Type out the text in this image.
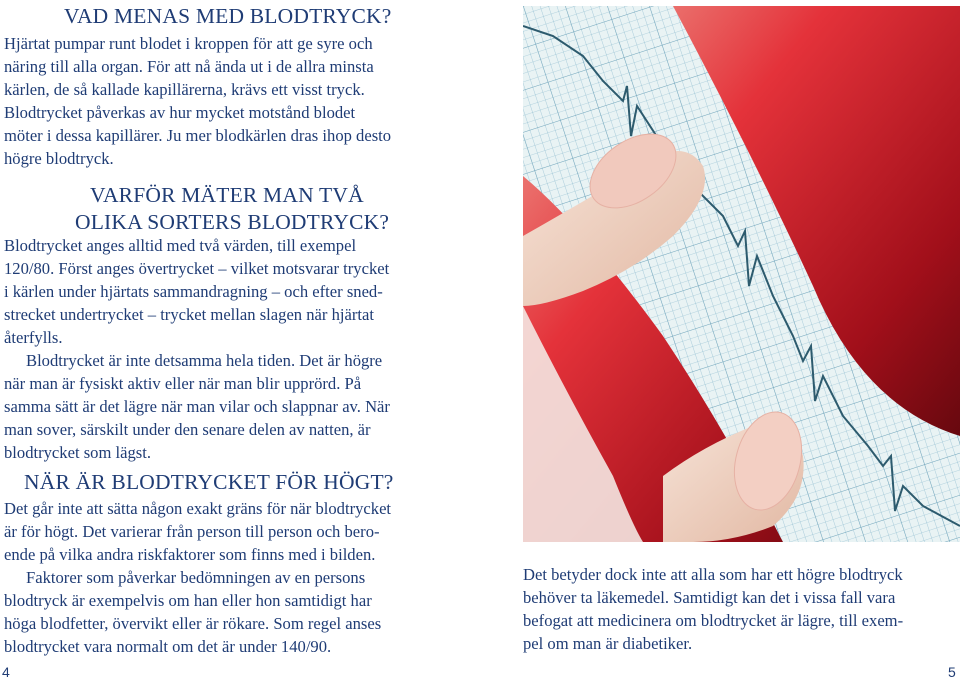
VAD MENAS MED BLODTRYCK?
Hjärtat pumpar runt blodet i kroppen för att ge syre och
näring till alla organ. För att nå ända ut i de allra minsta
kärlen, de så kallade kapillärerna, krävs ett visst tryck.
Blodtrycket påverkas av hur mycket motstånd blodet
möter i dessa kapillärer. Ju mer blodkärlen dras ihop desto
högre blodtryck.
VARFÖR MÄTER MAN TVÅ
OLIKA SORTERS BLODTRYCK?
Blodtrycket anges alltid med två värden, till exempel
120/80. Först anges övertrycket – vilket motsvarar trycket
i kärlen under hjärtats sammandragning – och efter sned-
strecket undertrycket – trycket mellan slagen när hjärtat
återfylls.
Blodtrycket är inte detsamma hela tiden. Det är högre
när man är fysiskt aktiv eller när man blir upprörd. På
samma sätt är det lägre när man vilar och slappnar av. När
man sover, särskilt under den senare delen av natten, är
blodtrycket som lägst.
NÄR ÄR BLODTRYCKET FÖR HÖGT?
Det går inte att sätta någon exakt gräns för när blodtrycket
är för högt. Det varierar från person till person och bero-
ende på vilka andra riskfaktorer som finns med i bilden.
Faktorer som påverkar bedömningen av en persons
blodtryck är exempelvis om han eller hon samtidigt har
höga blodfetter, övervikt eller är rökare. Som regel anses
blodtrycket vara normalt om det är under 140/90.
4
Det betyder dock inte att alla som har ett högre blodtryck
behöver ta läkemedel. Samtidigt kan det i vissa fall vara
befogat att medicinera om blodtrycket är lägre, till exem-
pel om man är diabetiker.
5
